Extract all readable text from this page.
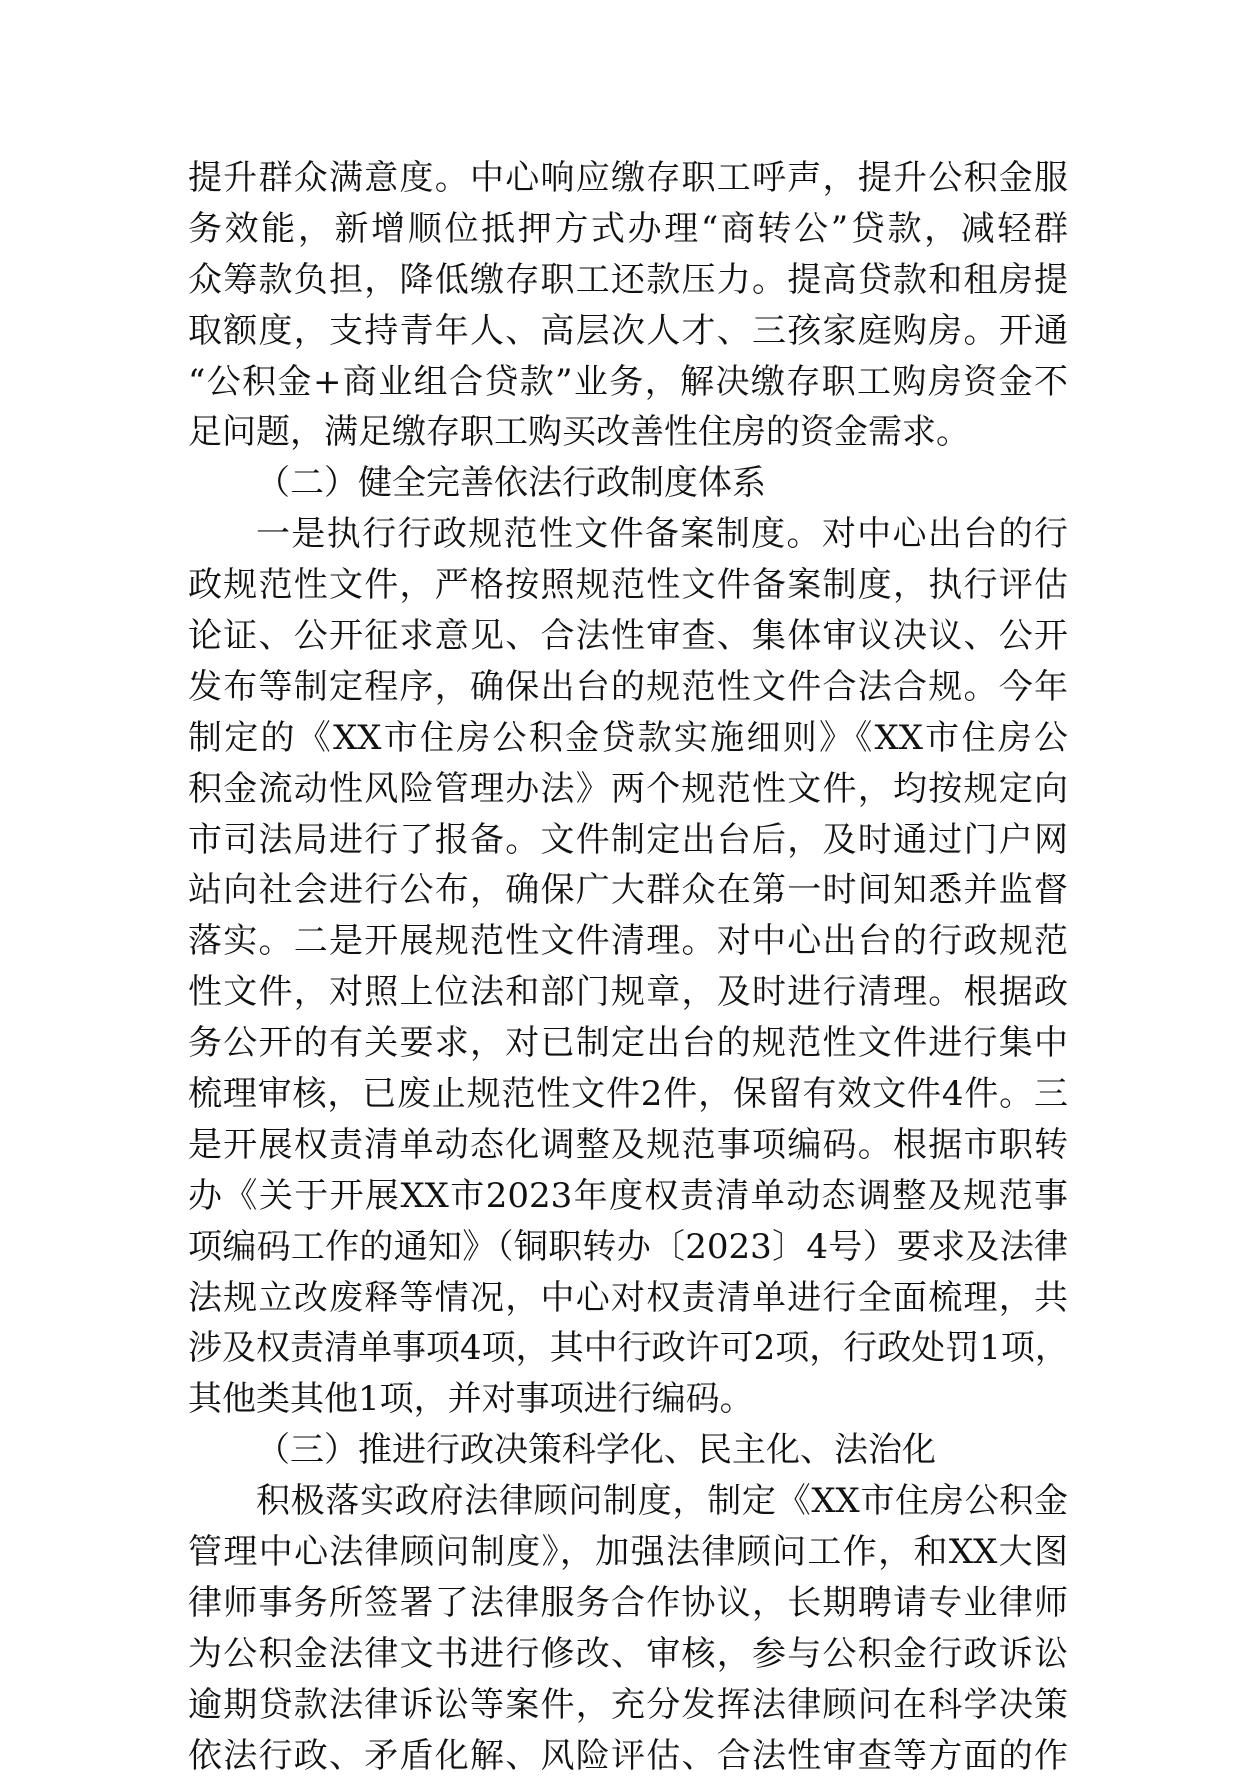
提升群众满意度。中心响应缴存职工呼声，提升公积金服
务效能，新增顺位抵押方式办理“商转公”贷款，减轻群
众筹款负担，降低缴存职工还款压力。提高贷款和租房提
取额度，支持青年人、高层次人才、三孩家庭购房。开通
“公积金+商业组合贷款”业务，解决缴存职工购房资金不
足问题，满足缴存职工购买改善性住房的资金需求。
（二）健全完善依法行政制度体系
一是执行行政规范性文件备案制度。对中心出台的行
政规范性文件，严格按照规范性文件备案制度，执行评估
论证、公开征求意见、合法性审查、集体审议决议、公开
发布等制定程序，确保出台的规范性文件合法合规。今年
制定的《XX市住房公积金贷款实施细则》《XX市住房公
积金流动性风险管理办法》两个规范性文件，均按规定向
市司法局进行了报备。文件制定出台后，及时通过门户网
站向社会进行公布，确保广大群众在第一时间知悉并监督
落实。二是开展规范性文件清理。对中心出台的行政规范
性文件，对照上位法和部门规章，及时进行清理。根据政
务公开的有关要求，对已制定出台的规范性文件进行集中
梳理审核，已废止规范性文件2件，保留有效文件4件。三
是开展权责清单动态化调整及规范事项编码。根据市职转
办《关于开展XX市2023年度权责清单动态调整及规范事
项编码工作的通知》（铜职转办〔2023〕4号）要求及法律
法规立改废释等情况，中心对权责清单进行全面梳理，共
涉及权责清单事项4项，其中行政许可2项，行政处罚1项，
其他类其他1项，并对事项进行编码。
（三）推进行政决策科学化、民主化、法治化
积极落实政府法律顾问制度，制定《XX市住房公积金
管理中心法律顾问制度》，加强法律顾问工作，和XX大图
律师事务所签署了法律服务合作协议，长期聘请专业律师
为公积金法律文书进行修改、审核，参与公积金行政诉讼
逾期贷款法律诉讼等案件，充分发挥法律顾问在科学决策
依法行政、矛盾化解、风险评估、合法性审查等方面的作
